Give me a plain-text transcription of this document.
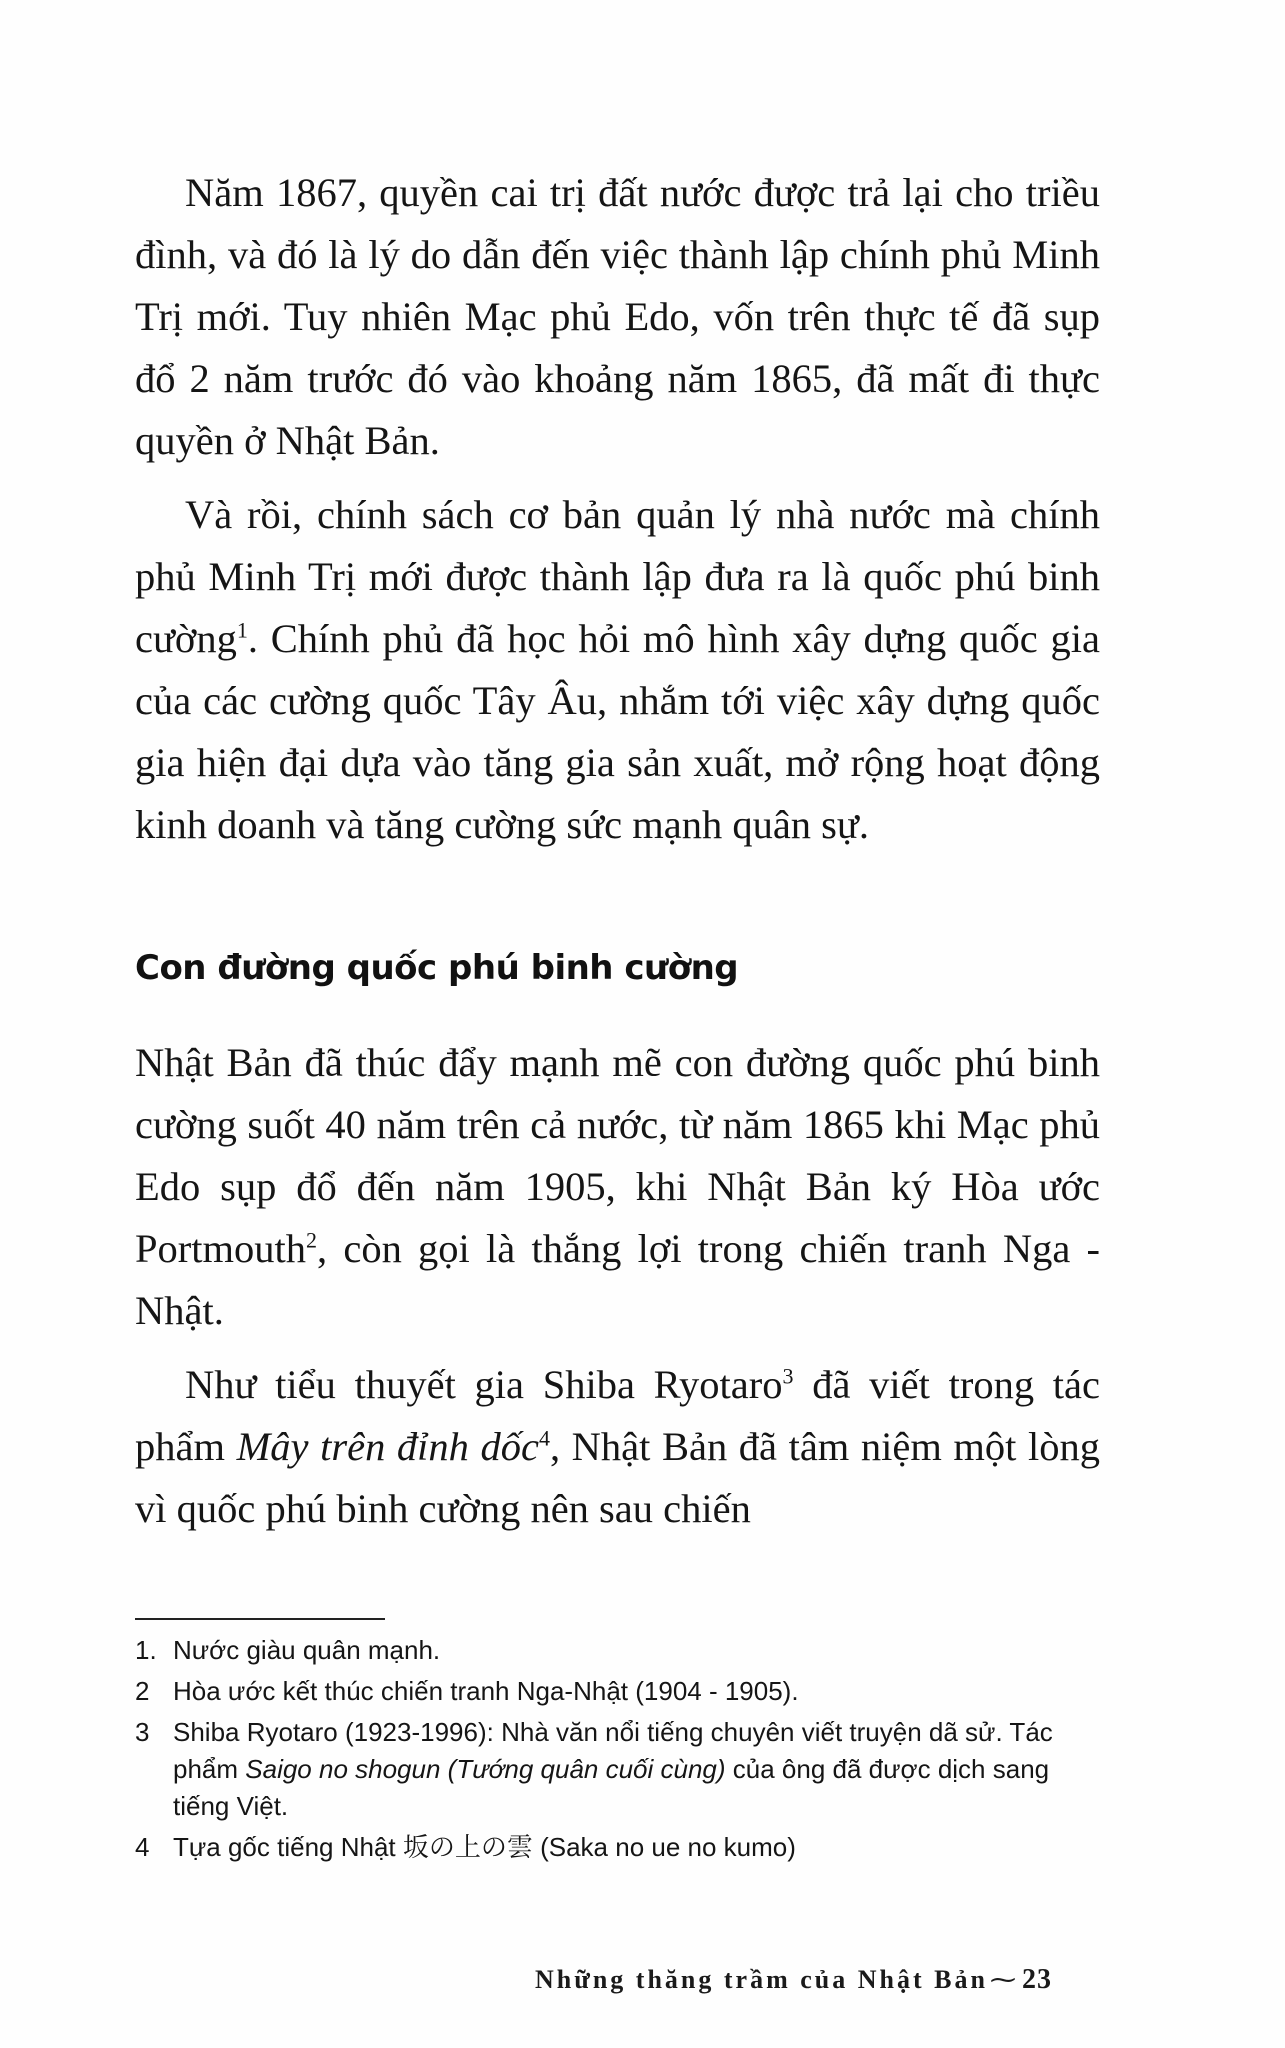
Năm 1867, quyền cai trị đất nước được trả lại cho triều đình, và đó là lý do dẫn đến việc thành lập chính phủ Minh Trị mới. Tuy nhiên Mạc phủ Edo, vốn trên thực tế đã sụp đổ 2 năm trước đó vào khoảng năm 1865, đã mất đi thực quyền ở Nhật Bản.

Và rồi, chính sách cơ bản quản lý nhà nước mà chính phủ Minh Trị mới được thành lập đưa ra là quốc phú binh cường$^1$. Chính phủ đã học hỏi mô hình xây dựng quốc gia của các cường quốc Tây Âu, nhắm tới việc xây dựng quốc gia hiện đại dựa vào tăng gia sản xuất, mở rộng hoạt động kinh doanh và tăng cường sức mạnh quân sự.

Con đường quốc phú binh cường

Nhật Bản đã thúc đẩy mạnh mẽ con đường quốc phú binh cường suốt 40 năm trên cả nước, từ năm 1865 khi Mạc phủ Edo sụp đổ đến năm 1905, khi Nhật Bản ký Hòa ước Portmouth$^2$, còn gọi là thắng lợi trong chiến tranh Nga - Nhật.

Như tiểu thuyết gia Shiba Ryotaro$^3$ đã viết trong tác phẩm Mây trên đỉnh dốc$^4$, Nhật Bản đã tâm niệm một lòng vì quốc phú binh cường nên sau chiến

1. Nước giàu quân mạnh.
2 Hòa ước kết thúc chiến tranh Nga-Nhật (1904 - 1905).
3 Shiba Ryotaro (1923-1996): Nhà văn nổi tiếng chuyên viết truyện dã sử. Tác phẩm Saigo no shogun (Tướng quân cuối cùng) của ông đã được dịch sang tiếng Việt.
4 Tựa gốc tiếng Nhật 坂の上の雲 (Saka no ue no kumo)
Những thăng trầm của Nhật Bản⁓ 23
